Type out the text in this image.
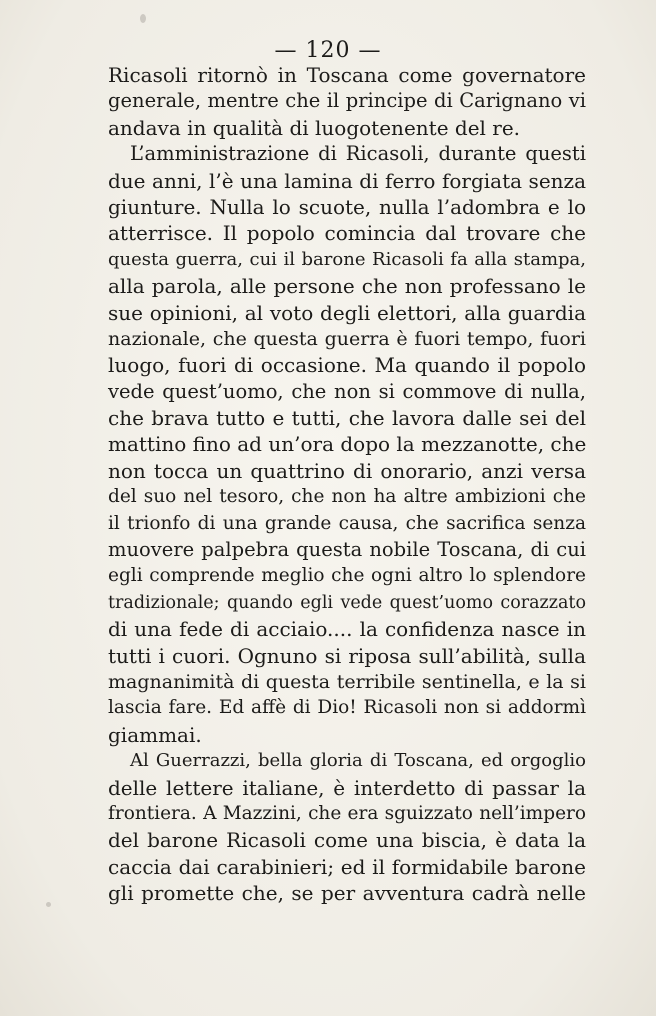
— 120 —
Ricasoli ritornò in Toscana come governatore
generale, mentre che il principe di Carignano vi
andava in qualità di luogotenente del re.
L’amministrazione di Ricasoli, durante questi
due anni, l’è una lamina di ferro forgiata senza
giunture. Nulla lo scuote, nulla l’adombra e lo
atterrisce. Il popolo comincia dal trovare che
questa guerra, cui il barone Ricasoli fa alla stampa,
alla parola, alle persone che non professano le
sue opinioni, al voto degli elettori, alla guardia
nazionale, che questa guerra è fuori tempo, fuori
luogo, fuori di occasione. Ma quando il popolo
vede quest’uomo, che non si commove di nulla,
che brava tutto e tutti, che lavora dalle sei del
mattino fino ad un’ora dopo la mezzanotte, che
non tocca un quattrino di onorario, anzi versa
del suo nel tesoro, che non ha altre ambizioni che
il trionfo di una grande causa, che sacrifica senza
muovere palpebra questa nobile Toscana, di cui
egli comprende meglio che ogni altro lo splendore
tradizionale; quando egli vede quest’uomo corazzato
di una fede di acciaio.... la confidenza nasce in
tutti i cuori. Ognuno si riposa sull’abilità, sulla
magnanimità di questa terribile sentinella, e la si
lascia fare. Ed affè di Dio! Ricasoli non si addormì
giammai.
Al Guerrazzi, bella gloria di Toscana, ed orgoglio
delle lettere italiane, è interdetto di passar la
frontiera. A Mazzini, che era sguizzato nell’impero
del barone Ricasoli come una biscia, è data la
caccia dai carabinieri; ed il formidabile barone
gli promette che, se per avventura cadrà nelle
